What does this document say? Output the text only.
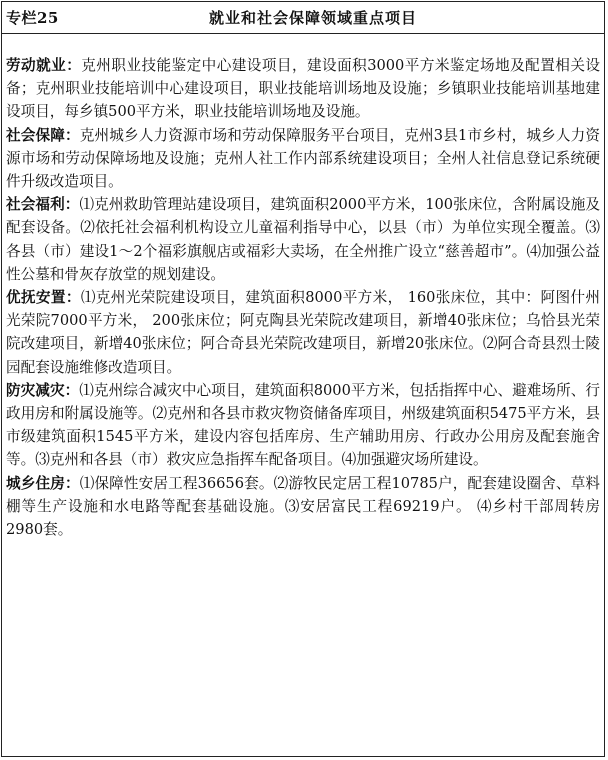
专栏25	就业和社会保障领域重点项目

劳动就业：克州职业技能鉴定中心建设项目，建设面积3000平方米鉴定场地及配置相关设备；克州职业技能培训中心建设项目，职业技能培训场地及设施；乡镇职业技能培训基地建设项目，每乡镇500平方米，职业技能培训场地及设施。

社会保障：克州城乡人力资源市场和劳动保障服务平台项目，克州3县1市乡村，城乡人力资源市场和劳动保障场地及设施；克州人社工作内部系统建设项目；全州人社信息登记系统硬件升级改造项目。

社会福利：⑴克州救助管理站建设项目，建筑面积2000平方米，100张床位，含附属设施及配套设备。⑵依托社会福利机构设立儿童福利指导中心，以县（市）为单位实现全覆盖。⑶各县（市）建设1～2个福彩旗舰店或福彩大卖场，在全州推广设立“慈善超市”。⑷加强公益性公墓和骨灰存放堂的规划建设。

优抚安置：⑴克州光荣院建设项目，建筑面积8000平方米， 160张床位，其中：阿图什州光荣院7000平方米， 200张床位；阿克陶县光荣院改建项目，新增40张床位；乌恰县光荣院改建项目，新增40张床位；阿合奇县光荣院改建项目，新增20张床位。⑵阿合奇县烈士陵园配套设施维修改造项目。

防灾减灾：⑴克州综合减灾中心项目，建筑面积8000平方米，包括指挥中心、避难场所、行政用房和附属设施等。⑵克州和各县市救灾物资储备库项目，州级建筑面积5475平方米，县市级建筑面积1545平方米，建设内容包括库房、生产辅助用房、行政办公用房及配套施舍等。⑶克州和各县（市）救灾应急指挥车配备项目。⑷加强避灾场所建设。

城乡住房：⑴保障性安居工程36656套。⑵游牧民定居工程10785户，配套建设圈舍、草料棚等生产设施和水电路等配套基础设施。⑶安居富民工程69219户。 ⑷乡村干部周转房2980套。
